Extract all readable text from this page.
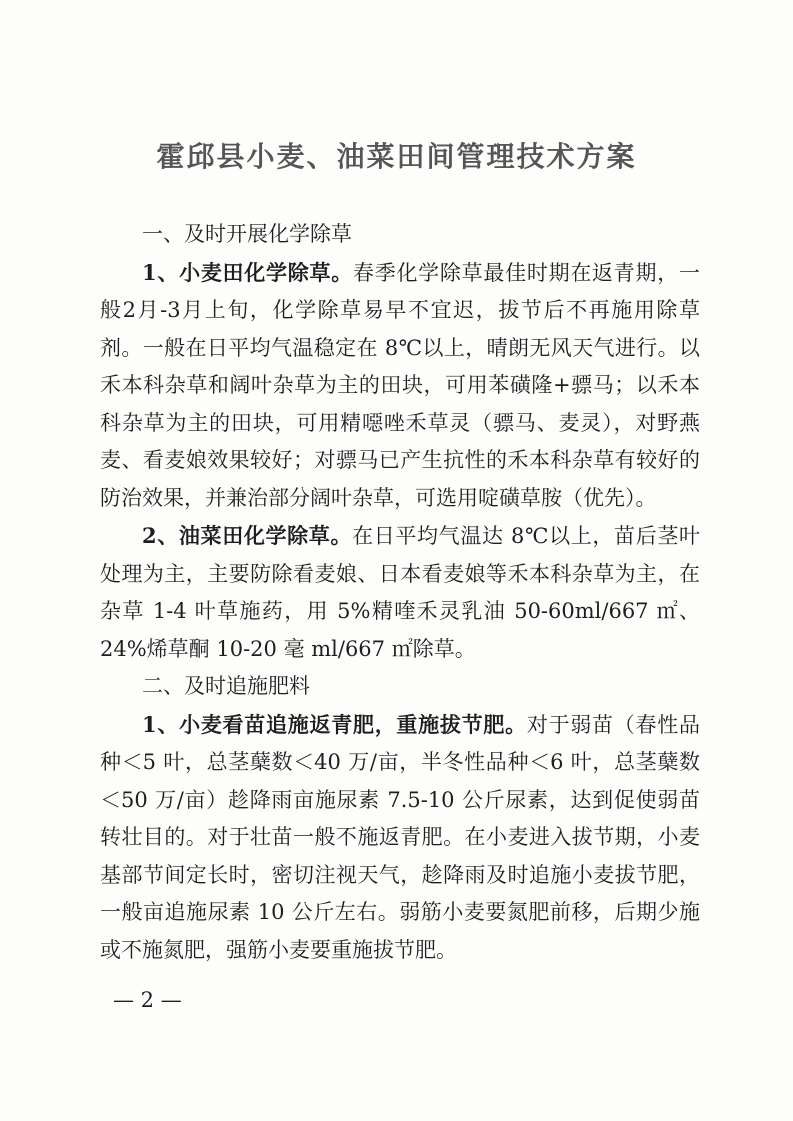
霍邱县小麦、油菜田间管理技术方案

一、及时开展化学除草

1、小麦田化学除草。春季化学除草最佳时期在返青期，一般2月-3月上旬，化学除草易早不宜迟，拔节后不再施用除草剂。一般在日平均气温稳定在 8℃以上，晴朗无风天气进行。以禾本科杂草和阔叶杂草为主的田块，可用苯磺隆+骠马；以禾本科杂草为主的田块，可用精噁唑禾草灵（骠马、麦灵），对野燕麦、看麦娘效果较好；对骠马已产生抗性的禾本科杂草有较好的防治效果，并兼治部分阔叶杂草，可选用啶磺草胺（优先）。

2、油菜田化学除草。在日平均气温达 8℃以上，苗后茎叶处理为主，主要防除看麦娘、日本看麦娘等禾本科杂草为主，在杂草 1-4 叶草施药，用 5%精喹禾灵乳油 50-60ml/667 ㎡、24%烯草酮 10-20 毫 ml/667 ㎡除草。

二、及时追施肥料

1、小麦看苗追施返青肥，重施拔节肥。对于弱苗（春性品种＜5 叶，总茎蘖数＜40 万/亩，半冬性品种＜6 叶，总茎蘖数＜50 万/亩）趁降雨亩施尿素 7.5-10 公斤尿素，达到促使弱苗转壮目的。对于壮苗一般不施返青肥。在小麦进入拔节期，小麦基部节间定长时，密切注视天气，趁降雨及时追施小麦拔节肥，一般亩追施尿素 10 公斤左右。弱筋小麦要氮肥前移，后期少施或不施氮肥，强筋小麦要重施拔节肥。

— 2 —
